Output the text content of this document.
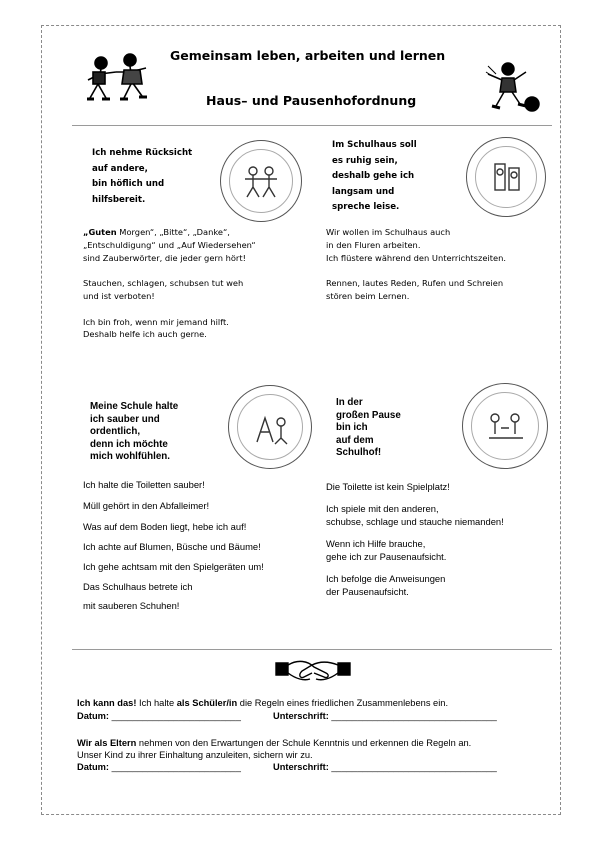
Gemeinsam leben, arbeiten und lernen
Haus– und Pausenhofordnung
Ich nehme Rücksicht
auf andere,
bin höflich und
hilfsbereit.
„Guten Morgen“, „Bitte“, „Danke“,
„Entschuldigung“ und „Auf Wiedersehen“
sind Zauberwörter, die jeder gern hört!

Stauchen, schlagen, schubsen tut weh
und ist verboten!

Ich bin froh, wenn mir jemand hilft.
Deshalb helfe ich auch gerne.
Im Schulhaus soll
es ruhig sein,
deshalb gehe ich
langsam und
spreche leise.
Wir wollen im Schulhaus auch
in den Fluren arbeiten.
Ich flüstere während den Unterrichtszeiten.

Rennen, lautes Reden, Rufen und Schreien
stören beim Lernen.
Meine Schule halte
ich sauber und
ordentlich,
denn ich möchte
mich wohlfühlen.
Ich halte die Toiletten sauber!
Müll gehört in den Abfalleimer!
Was auf dem Boden liegt, hebe ich auf!
Ich achte auf Blumen, Büsche und Bäume!
Ich gehe achtsam mit den Spielgeräten um!
Das Schulhaus betrete ich
mit sauberen Schuhen!
In der
großen Pause
bin ich
auf dem
Schulhof!
Die Toilette ist kein Spielplatz!
Ich spiele mit den anderen,
schubse, schlage und stauche niemanden!
Wenn ich Hilfe brauche,
gehe ich zur Pausenaufsicht.
Ich befolge die Anweisungen
der Pausenaufsicht.
Ich kann das! Ich halte als Schüler/in die Regeln eines friedlichen Zusammenlebens ein.
Datum: _________________________	Unterschrift: ________________________________
Wir als Eltern nehmen von den Erwartungen der Schule Kenntnis und erkennen die Regeln an.
Unser Kind zu ihrer Einhaltung anzuleiten, sichern wir zu.
Datum: _________________________	Unterschrift: ________________________________
